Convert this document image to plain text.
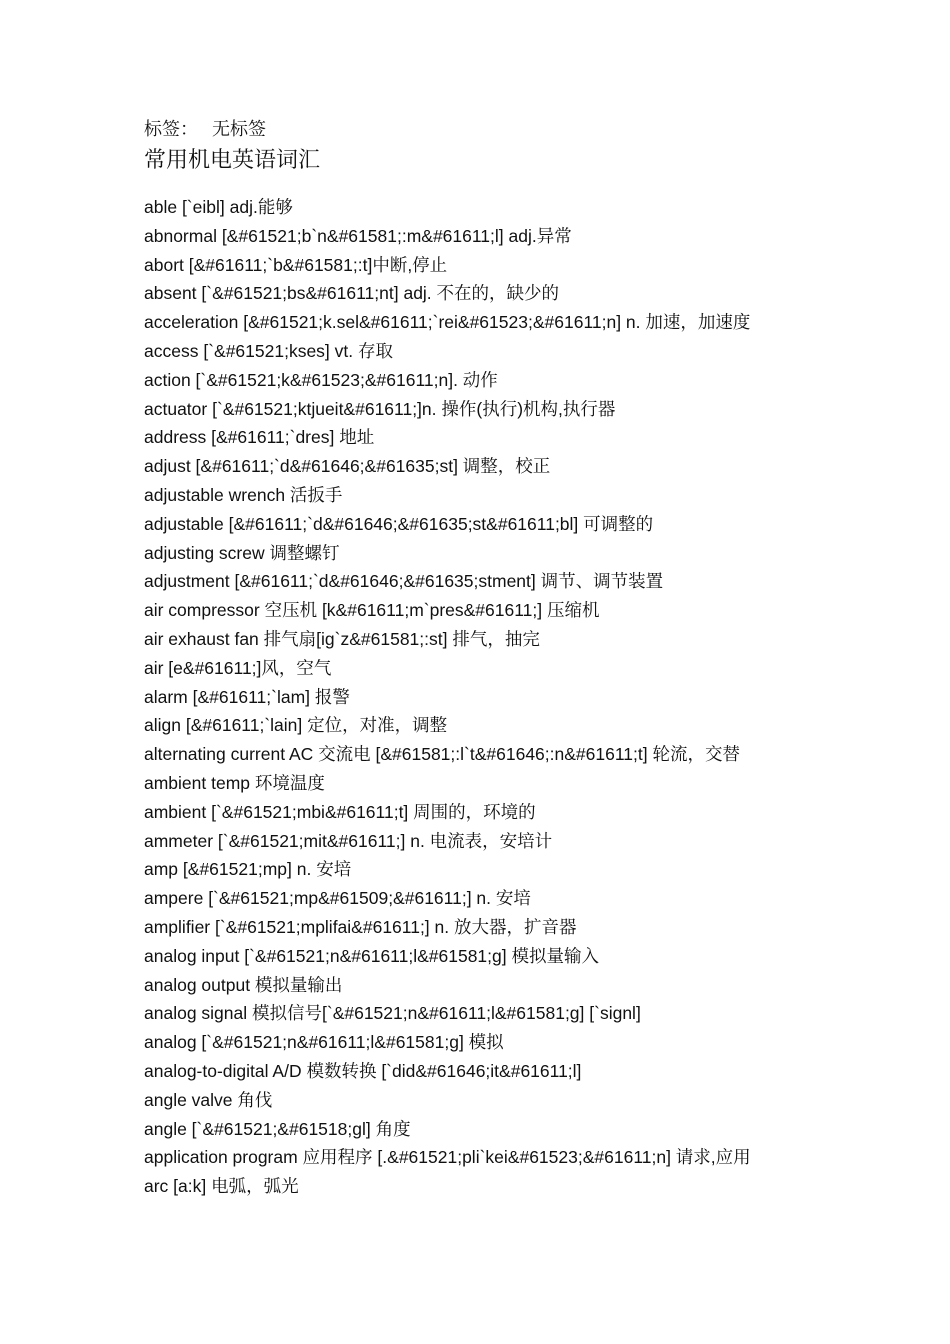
标签： 无标签

常用机电英语词汇

able [`eibl] adj.能够

abnormal [&#61521;b`n&#61581;:m&#61611;l] adj.异常

abort [&#61611;`b&#61581;:t]中断,停止

absent [`&#61521;bs&#61611;nt] adj. 不在的，缺少的

acceleration [&#61521;k.sel&#61611;`rei&#61523;&#61611;n] n. 加速，加速度

access [`&#61521;kses] vt. 存取

action [`&#61521;k&#61523;&#61611;n]. 动作

actuator [`&#61521;ktjueit&#61611;]n. 操作(执行)机构,执行器

address [&#61611;`dres] 地址

adjust [&#61611;`d&#61646;&#61635;st] 调整，校正

adjustable wrench 活扳手

adjustable [&#61611;`d&#61646;&#61635;st&#61611;bl] 可调整的

adjusting screw 调整螺钉

adjustment [&#61611;`d&#61646;&#61635;stment] 调节、调节装置

air compressor 空压机 [k&#61611;m`pres&#61611;] 压缩机

air exhaust fan 排气扇[ig`z&#61581;:st] 排气，抽完

air [e&#61611;]风，空气

alarm [&#61611;`lam] 报警

align [&#61611;`lain] 定位，对准，调整

alternating current AC 交流电 [&#61581;:l`t&#61646;:n&#61611;t] 轮流，交替

ambient temp 环境温度

ambient [`&#61521;mbi&#61611;t] 周围的，环境的

ammeter [`&#61521;mit&#61611;] n. 电流表，安培计

amp [&#61521;mp] n. 安培

ampere [`&#61521;mp&#61509;&#61611;] n. 安培

amplifier [`&#61521;mplifai&#61611;] n. 放大器，扩音器

analog input [`&#61521;n&#61611;l&#61581;g] 模拟量输入

analog output 模拟量输出

analog signal 模拟信号[`&#61521;n&#61611;l&#61581;g] [`signl]

analog [`&#61521;n&#61611;l&#61581;g] 模拟

analog-to-digital A/D 模数转换 [`did&#61646;it&#61611;l]

angle valve 角伐

angle [`&#61521;&#61518;gl] 角度

application program 应用程序 [.&#61521;pli`kei&#61523;&#61611;n] 请求,应用

arc [a:k] 电弧，弧光
